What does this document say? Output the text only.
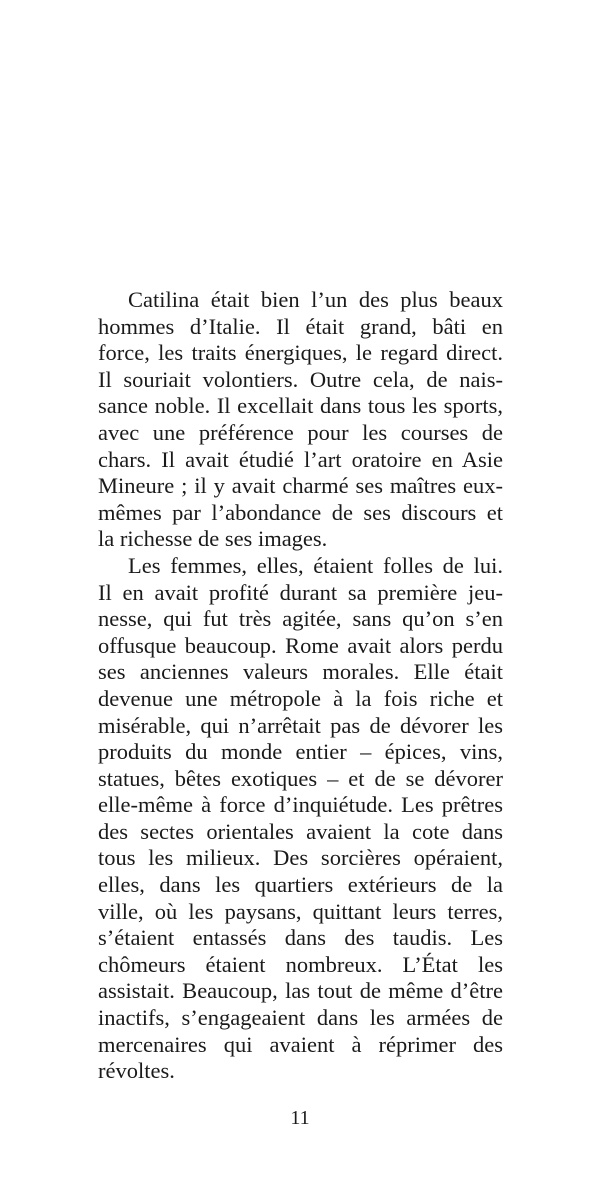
Catilina était bien l’un des plus beaux
hommes d’Italie. Il était grand, bâti en
force, les traits énergiques, le regard direct.
Il souriait volontiers. Outre cela, de nais-
sance noble. Il excellait dans tous les sports,
avec une préférence pour les courses de
chars. Il avait étudié l’art oratoire en Asie
Mineure ; il y avait charmé ses maîtres eux-
mêmes par l’abondance de ses discours et
la richesse de ses images.
Les femmes, elles, étaient folles de lui.
Il en avait profité durant sa première jeu-
nesse, qui fut très agitée, sans qu’on s’en
offusque beaucoup. Rome avait alors perdu
ses anciennes valeurs morales. Elle était
devenue une métropole à la fois riche et
misérable, qui n’arrêtait pas de dévorer les
produits du monde entier – épices, vins,
statues, bêtes exotiques – et de se dévorer
elle-même à force d’inquiétude. Les prêtres
des sectes orientales avaient la cote dans
tous les milieux. Des sorcières opéraient,
elles, dans les quartiers extérieurs de la
ville, où les paysans, quittant leurs terres,
s’étaient entassés dans des taudis. Les
chômeurs étaient nombreux. L’État les
assistait. Beaucoup, las tout de même d’être
inactifs, s’engageaient dans les armées de
mercenaires qui avaient à réprimer des
révoltes.
11
